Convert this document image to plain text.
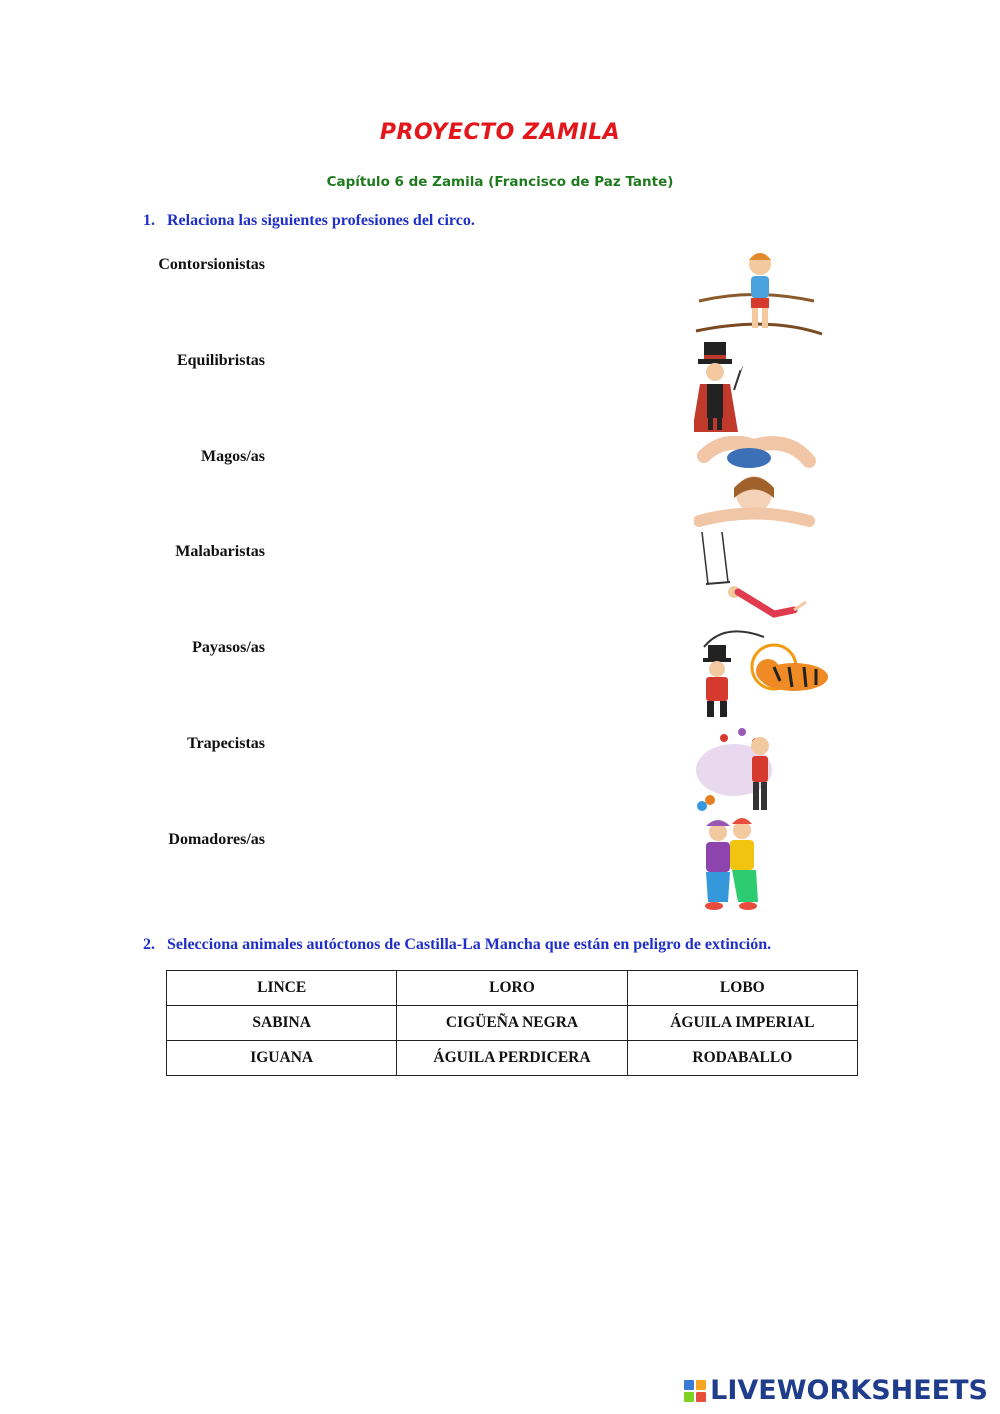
PROYECTO ZAMILA
Capítulo 6 de Zamila (Francisco de Paz Tante)
1. Relaciona las siguientes profesiones del circo.
Contorsionistas
Equilibristas
Magos/as
Malabaristas
Payasos/as
Trapecistas
Domadores/as
2. Selecciona animales autóctonos de Castilla-La Mancha que están en peligro de extinción.
LINCE	LORO	LOBO
SABINA	CIGÜEÑA NEGRA	ÁGUILA IMPERIAL
IGUANA	ÁGUILA PERDICERA	RODABALLO
LIVEWORKSHEETS
